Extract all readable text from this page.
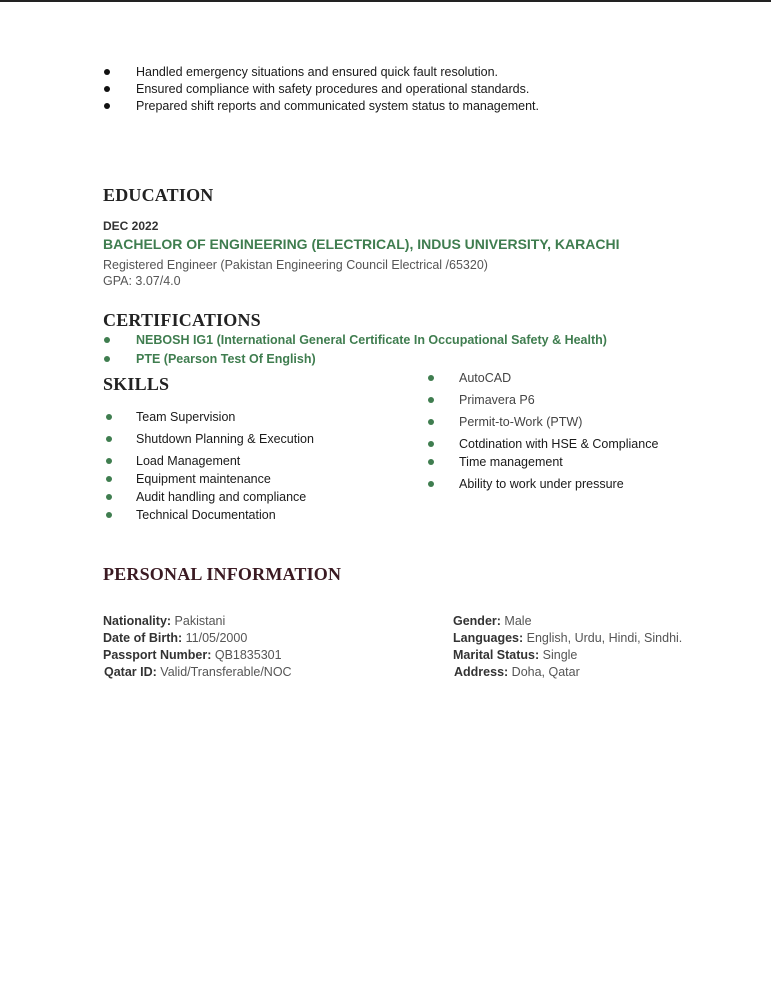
Handled emergency situations and ensured quick fault resolution.
Ensured compliance with safety procedures and operational standards.
Prepared shift reports and communicated system status to management.
EDUCATION
DEC 2022
BACHELOR OF ENGINEERING (ELECTRICAL), INDUS UNIVERSITY, KARACHI
Registered Engineer (Pakistan Engineering Council Electrical /65320)
GPA: 3.07/4.0
CERTIFICATIONS
NEBOSH IG1 (International General Certificate In Occupational Safety & Health)
PTE (Pearson Test Of English)
SKILLS
Team Supervision
Shutdown Planning & Execution
Load Management
Equipment maintenance
Audit handling and compliance
Technical Documentation
AutoCAD
Primavera P6
Permit-to-Work (PTW)
Cotdination with HSE & Compliance
Time management
Ability to work under pressure
PERSONAL INFORMATION
Nationality: Pakistani
Date of Birth: 11/05/2000
Passport Number: QB1835301
Qatar ID: Valid/Transferable/NOC
Gender: Male
Languages: English, Urdu, Hindi, Sindhi.
Marital Status: Single
Address: Doha, Qatar
